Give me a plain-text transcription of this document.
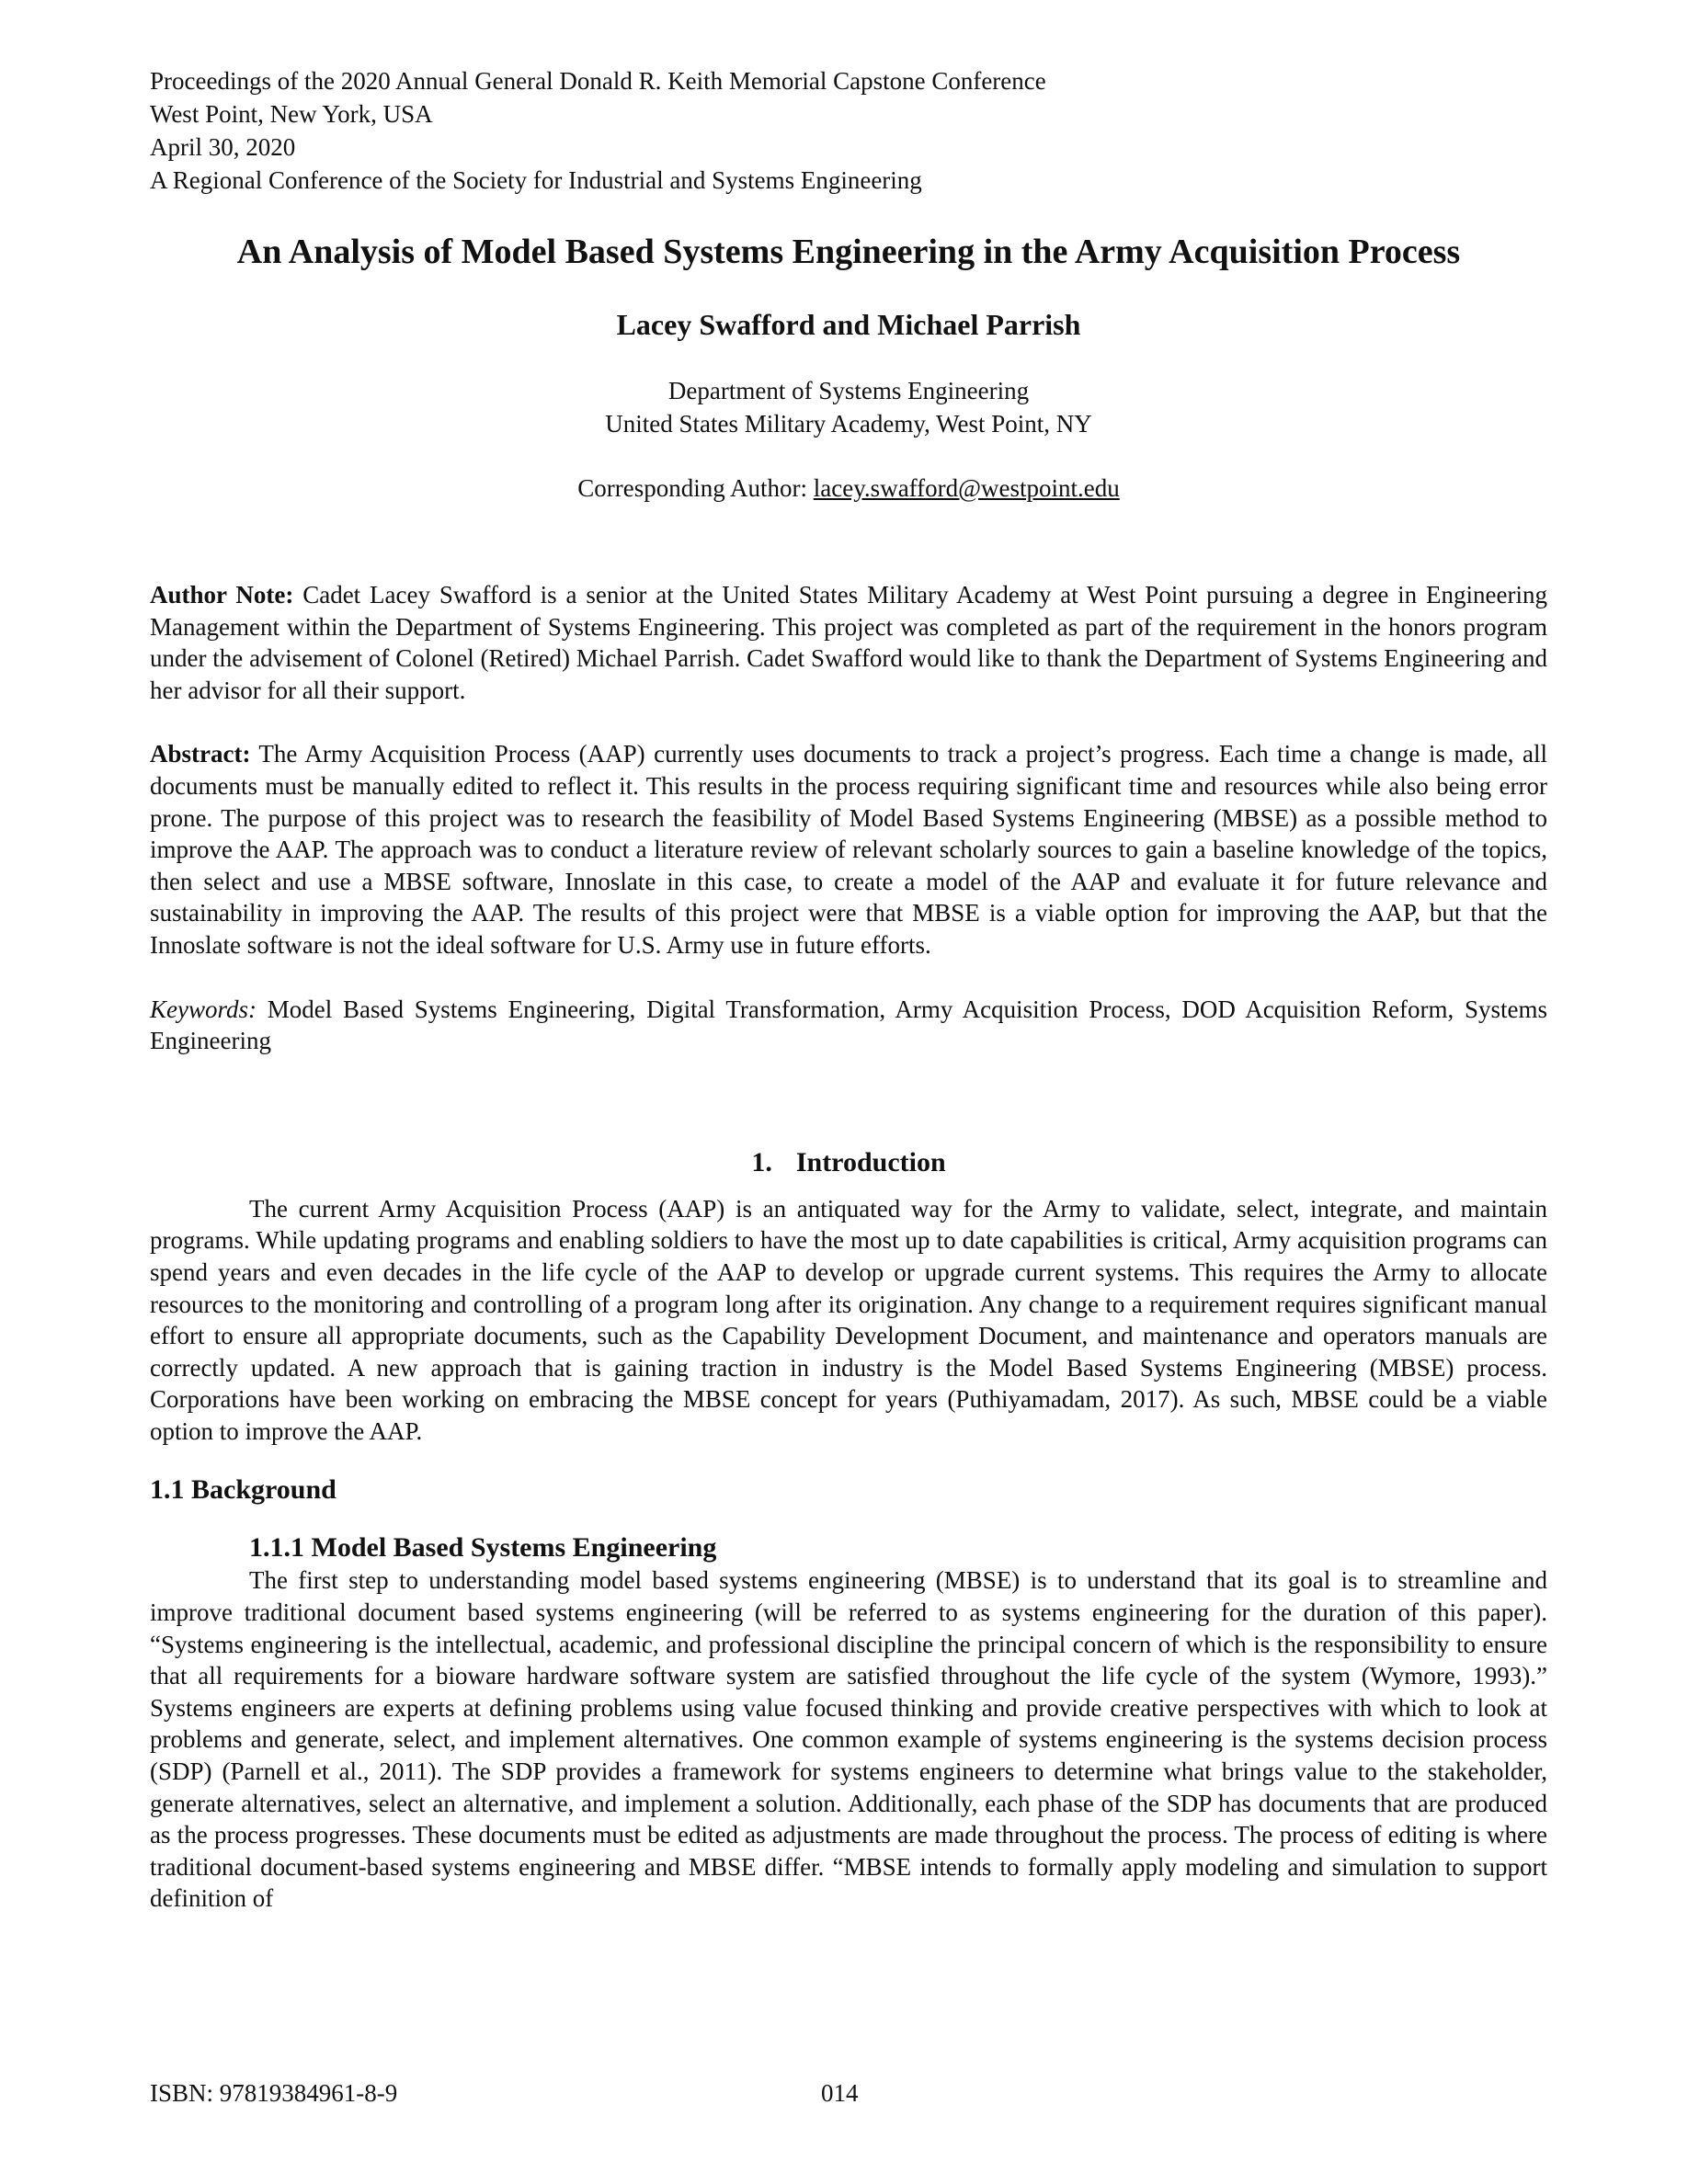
Proceedings of the 2020 Annual General Donald R. Keith Memorial Capstone Conference

West Point, New York, USA

April 30, 2020

A Regional Conference of the Society for Industrial and Systems Engineering

An Analysis of Model Based Systems Engineering in the Army Acquisition Process
Lacey Swafford and Michael Parrish

Department of Systems Engineering

United States Military Academy, West Point, NY

Corresponding Author: lacey.swafford@westpoint.edu

Author Note: Cadet Lacey Swafford is a senior at the United States Military Academy at West Point pursuing a degree in Engineering Management within the Department of Systems Engineering. This project was completed as part of the requirement in the honors program under the advisement of Colonel (Retired) Michael Parrish. Cadet Swafford would like to thank the Department of Systems Engineering and her advisor for all their support.

Abstract: The Army Acquisition Process (AAP) currently uses documents to track a project’s progress. Each time a change is made, all documents must be manually edited to reflect it. This results in the process requiring significant time and resources while also being error prone. The purpose of this project was to research the feasibility of Model Based Systems Engineering (MBSE) as a possible method to improve the AAP. The approach was to conduct a literature review of relevant scholarly sources to gain a baseline knowledge of the topics, then select and use a MBSE software, Innoslate in this case, to create a model of the AAP and evaluate it for future relevance and sustainability in improving the AAP. The results of this project were that MBSE is a viable option for improving the AAP, but that the Innoslate software is not the ideal software for U.S. Army use in future efforts.

Keywords: Model Based Systems Engineering, Digital Transformation, Army Acquisition Process, DOD Acquisition Reform, Systems Engineering

1. Introduction

The current Army Acquisition Process (AAP) is an antiquated way for the Army to validate, select, integrate, and maintain programs. While updating programs and enabling soldiers to have the most up to date capabilities is critical, Army acquisition programs can spend years and even decades in the life cycle of the AAP to develop or upgrade current systems. This requires the Army to allocate resources to the monitoring and controlling of a program long after its origination. Any change to a requirement requires significant manual effort to ensure all appropriate documents, such as the Capability Development Document, and maintenance and operators manuals are correctly updated. A new approach that is gaining traction in industry is the Model Based Systems Engineering (MBSE) process. Corporations have been working on embracing the MBSE concept for years (Puthiyamadam, 2017). As such, MBSE could be a viable option to improve the AAP.

1.1 Background
1.1.1 Model Based Systems Engineering

The first step to understanding model based systems engineering (MBSE) is to understand that its goal is to streamline and improve traditional document based systems engineering (will be referred to as systems engineering for the duration of this paper). “Systems engineering is the intellectual, academic, and professional discipline the principal concern of which is the responsibility to ensure that all requirements for a bioware hardware software system are satisfied throughout the life cycle of the system (Wymore, 1993).” Systems engineers are experts at defining problems using value focused thinking and provide creative perspectives with which to look at problems and generate, select, and implement alternatives. One common example of systems engineering is the systems decision process (SDP) (Parnell et al., 2011). The SDP provides a framework for systems engineers to determine what brings value to the stakeholder, generate alternatives, select an alternative, and implement a solution. Additionally, each phase of the SDP has documents that are produced as the process progresses. These documents must be edited as adjustments are made throughout the process. The process of editing is where traditional document-based systems engineering and MBSE differ. “MBSE intends to formally apply modeling and simulation to support definition of

ISBN: 97819384961-8-9	014
